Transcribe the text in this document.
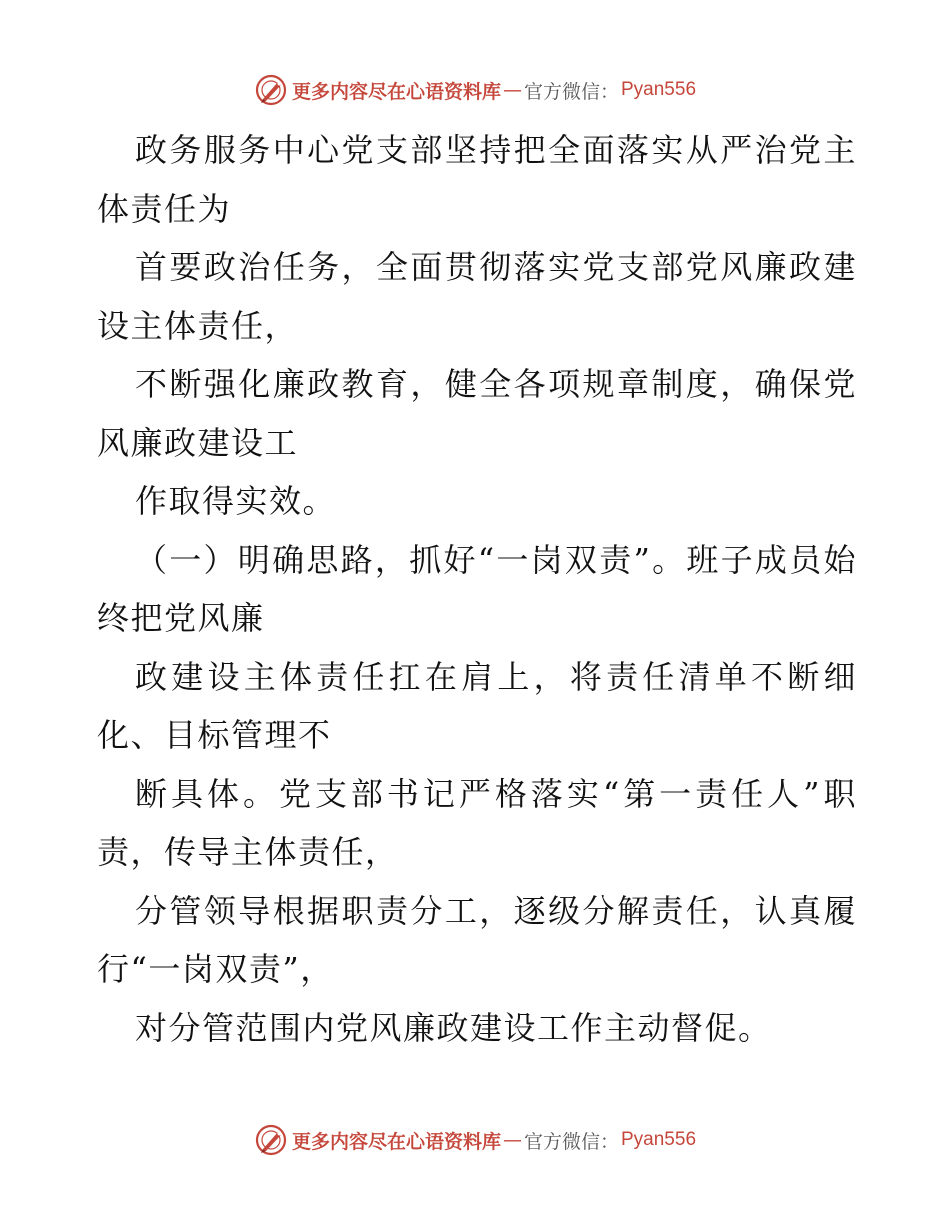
更多内容尽在心语资料库 — 官方微信： Pyan556

政务服务中心党支部坚持把全面落实从严治党主体责任为

首要政治任务，全面贯彻落实党支部党风廉政建设主体责任，

不断强化廉政教育，健全各项规章制度，确保党风廉政建设工

作取得实效。

（一）明确思路，抓好“一岗双责”。班子成员始终把党风廉

政建设主体责任扛在肩上，将责任清单不断细化、目标管理不

断具体。党支部书记严格落实“第一责任人”职责，传导主体责任，

分管领导根据职责分工，逐级分解责任，认真履行“一岗双责”，

对分管范围内党风廉政建设工作主动督促。

更多内容尽在心语资料库 — 官方微信： Pyan556
